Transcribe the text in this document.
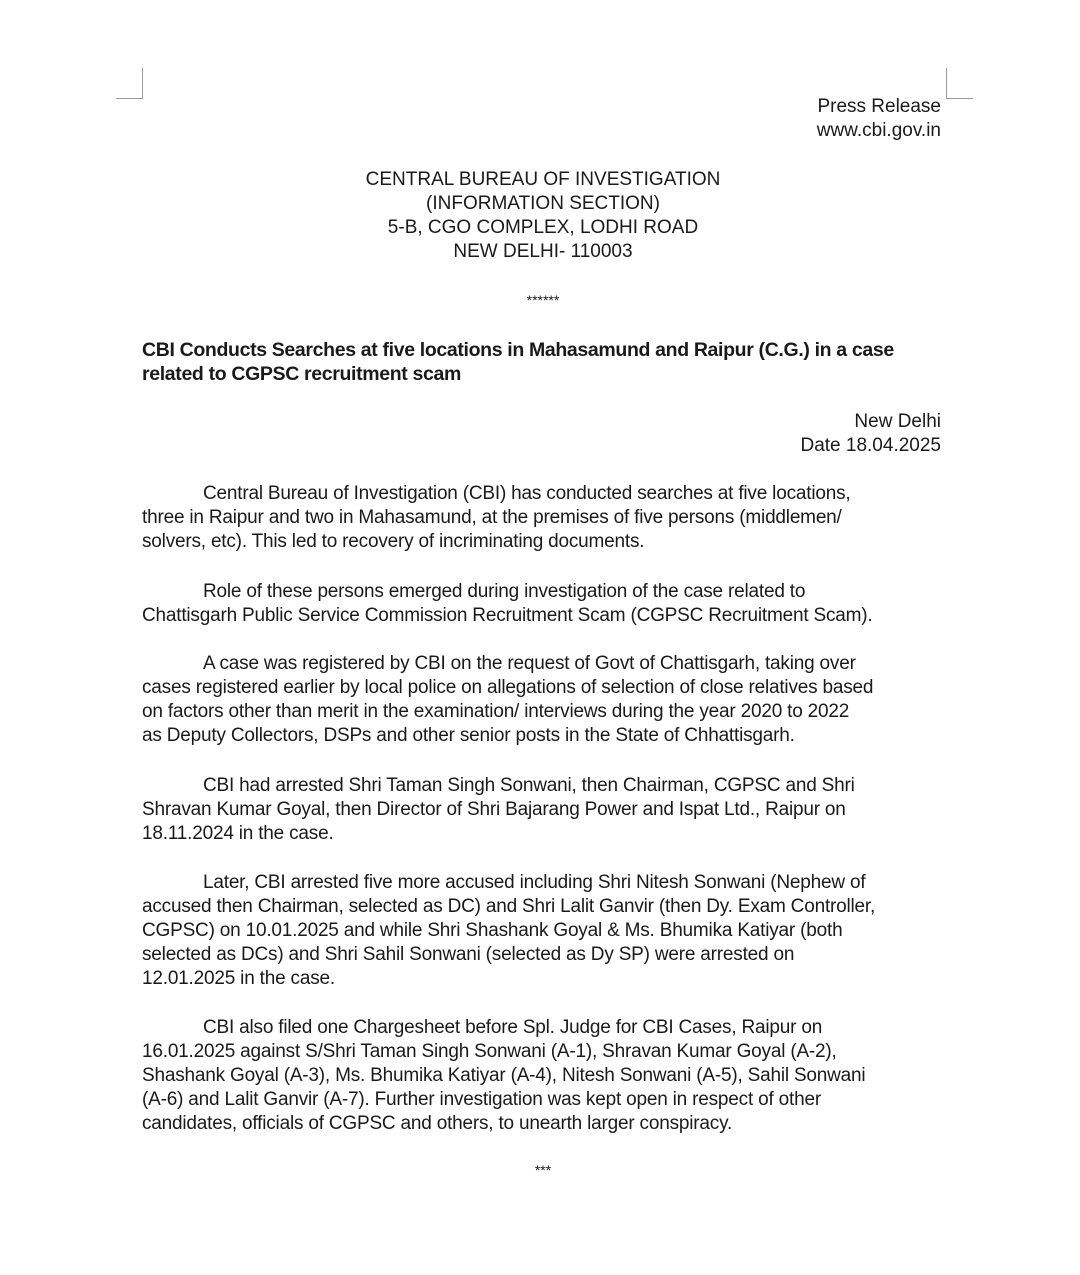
Press Release
www.cbi.gov.in
CENTRAL BUREAU OF INVESTIGATION
(INFORMATION SECTION)
5-B, CGO COMPLEX, LODHI ROAD
NEW DELHI- 110003
******
CBI Conducts Searches at five locations in Mahasamund and Raipur (C.G.) in a case
related to CGPSC recruitment scam
New Delhi
Date 18.04.2025
Central Bureau of Investigation (CBI) has conducted searches at five locations,
three in Raipur and two in Mahasamund, at the premises of five persons (middlemen/
solvers, etc). This led to recovery of incriminating documents.
Role of these persons emerged during investigation of the case related to
Chattisgarh Public Service Commission Recruitment Scam (CGPSC Recruitment Scam).
A case was registered by CBI on the request of Govt of Chattisgarh, taking over
cases registered earlier by local police on allegations of selection of close relatives based
on factors other than merit in the examination/ interviews during the year 2020 to 2022
as Deputy Collectors, DSPs and other senior posts in the State of Chhattisgarh.
CBI had arrested Shri Taman Singh Sonwani, then Chairman, CGPSC and Shri
Shravan Kumar Goyal, then Director of Shri Bajarang Power and Ispat Ltd., Raipur on
18.11.2024 in the case.
Later, CBI arrested five more accused including Shri Nitesh Sonwani (Nephew of
accused then Chairman, selected as DC) and Shri Lalit Ganvir (then Dy. Exam Controller,
CGPSC) on 10.01.2025 and while Shri Shashank Goyal & Ms. Bhumika Katiyar (both
selected as DCs) and Shri Sahil Sonwani (selected as Dy SP) were arrested on
12.01.2025 in the case.
CBI also filed one Chargesheet before Spl. Judge for CBI Cases, Raipur on
16.01.2025 against S/Shri Taman Singh Sonwani (A-1), Shravan Kumar Goyal (A-2),
Shashank Goyal (A-3), Ms. Bhumika Katiyar (A-4), Nitesh Sonwani (A-5), Sahil Sonwani
(A-6) and Lalit Ganvir (A-7). Further investigation was kept open in respect of other
candidates, officials of CGPSC and others, to unearth larger conspiracy.
***
